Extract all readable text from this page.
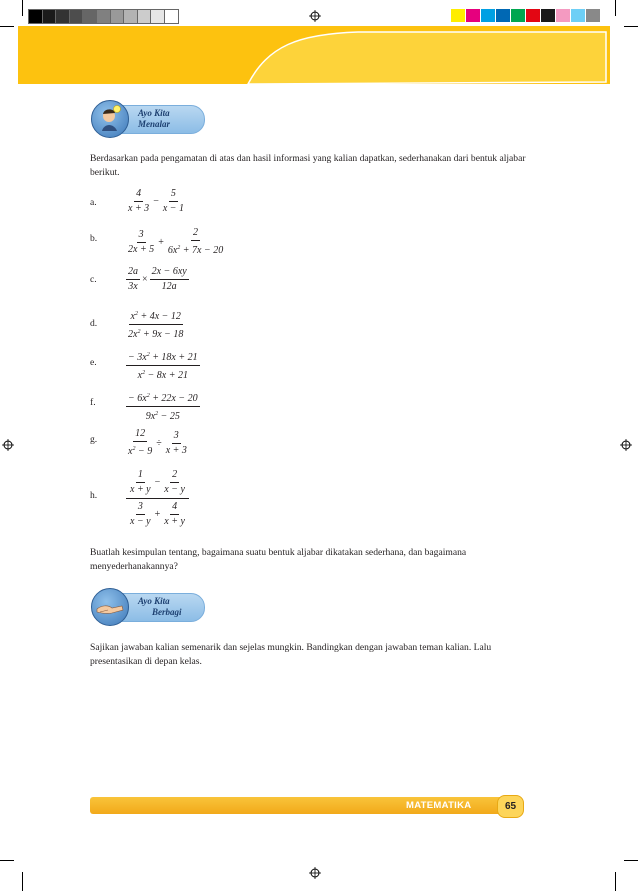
Ayo Kita
Menalar
Berdasarkan pada pengamatan di atas dan hasil informasi yang kalian dapatkan, sederhanakan dari bentuk aljabar berikut.
a.	$\frac{4}{x + 3} - \frac{5}{x - 1}$
b.	$\frac{3}{2x + 5} + \frac{2}{6x^2 + 7x - 20}$
c.	$\frac{2a}{3x} \times \frac{2x - 6xy}{12a}$
d.	$\frac{x^2 + 4x - 12}{2x^2 + 9x - 18}$
e.	$\frac{- 3x^2 + 18x + 21}{x^2 - 8x + 21}$
f.	$\frac{- 6x^2 + 22x - 20}{9x^2 - 25}$
g.	$\frac{12}{x^2 - 9} \div \frac{3}{x + 3}$
h.	$\frac{\frac{1}{x + y} - \frac{2}{x - y}}{\frac{3}{x - y} + \frac{4}{x + y}}$
Buatlah kesimpulan tentang, bagaimana suatu bentuk aljabar dikatakan sederhana, dan bagaimana menyederhanakannya?
Ayo Kita
Berbagi
Sajikan jawaban kalian semenarik dan sejelas mungkin. Bandingkan dengan jawaban teman kalian. Lalu presentasikan di depan kelas.
MATEMATIKA	65
